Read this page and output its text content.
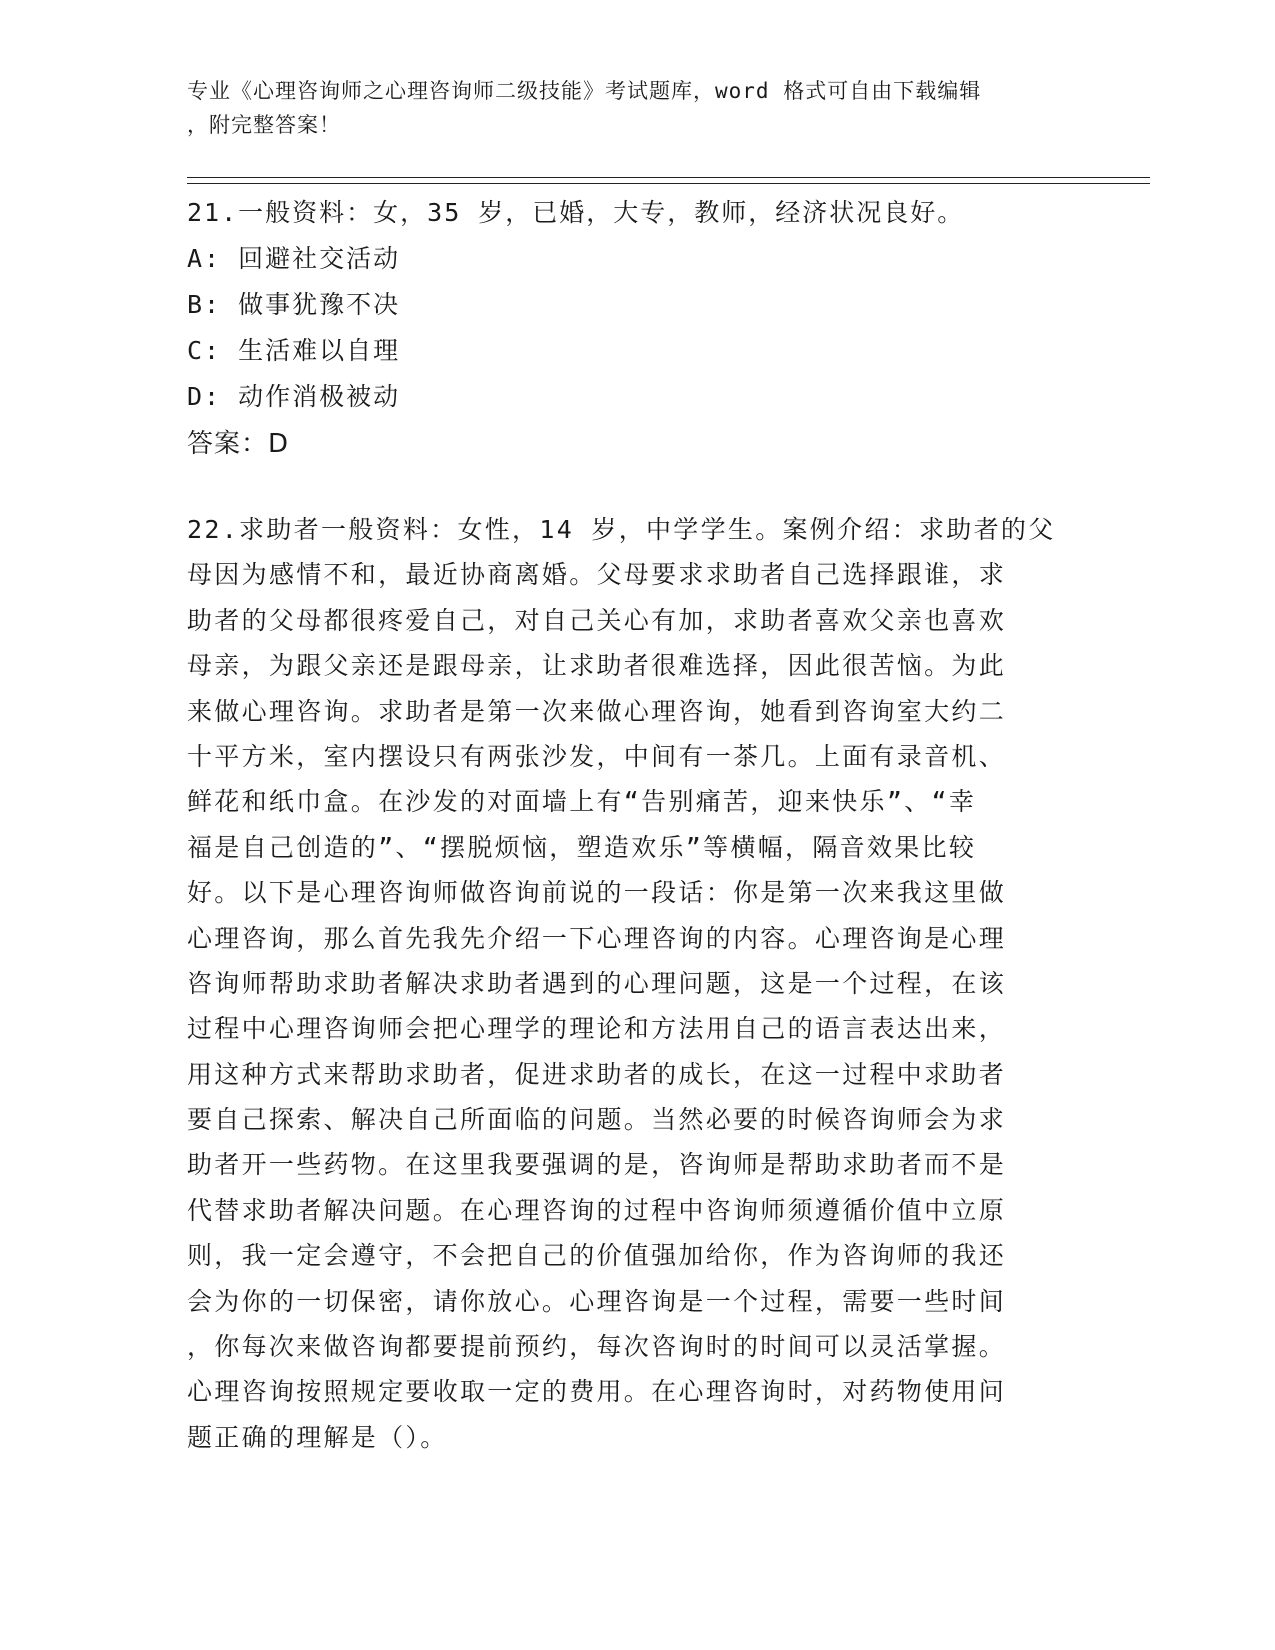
专业《心理咨询师之心理咨询师二级技能》考试题库，word 格式可自由下载编辑

，附完整答案！

21.一般资料：女，35 岁，已婚，大专，教师，经济状况良好。
A: 回避社交活动
B: 做事犹豫不决
C: 生活难以自理
D: 动作消极被动
答案：D
22.求助者一般资料：女性，14 岁，中学学生。案例介绍：求助者的父
母因为感情不和，最近协商离婚。父母要求求助者自己选择跟谁，求
助者的父母都很疼爱自己，对自己关心有加，求助者喜欢父亲也喜欢
母亲，为跟父亲还是跟母亲，让求助者很难选择，因此很苦恼。为此
来做心理咨询。求助者是第一次来做心理咨询，她看到咨询室大约二
十平方米，室内摆设只有两张沙发，中间有一茶几。上面有录音机、
鲜花和纸巾盒。在沙发的对面墙上有“告别痛苦，迎来快乐”、“幸
福是自己创造的”、“摆脱烦恼，塑造欢乐”等横幅，隔音效果比较
好。以下是心理咨询师做咨询前说的一段话：你是第一次来我这里做
心理咨询，那么首先我先介绍一下心理咨询的内容。心理咨询是心理
咨询师帮助求助者解决求助者遇到的心理问题，这是一个过程，在该
过程中心理咨询师会把心理学的理论和方法用自己的语言表达出来，
用这种方式来帮助求助者，促进求助者的成长，在这一过程中求助者
要自己探索、解决自己所面临的问题。当然必要的时候咨询师会为求
助者开一些药物。在这里我要强调的是，咨询师是帮助求助者而不是
代替求助者解决问题。在心理咨询的过程中咨询师须遵循价值中立原
则，我一定会遵守，不会把自己的价值强加给你，作为咨询师的我还
会为你的一切保密，请你放心。心理咨询是一个过程，需要一些时间
，你每次来做咨询都要提前预约，每次咨询时的时间可以灵活掌握。
心理咨询按照规定要收取一定的费用。在心理咨询时，对药物使用问
题正确的理解是（）。
